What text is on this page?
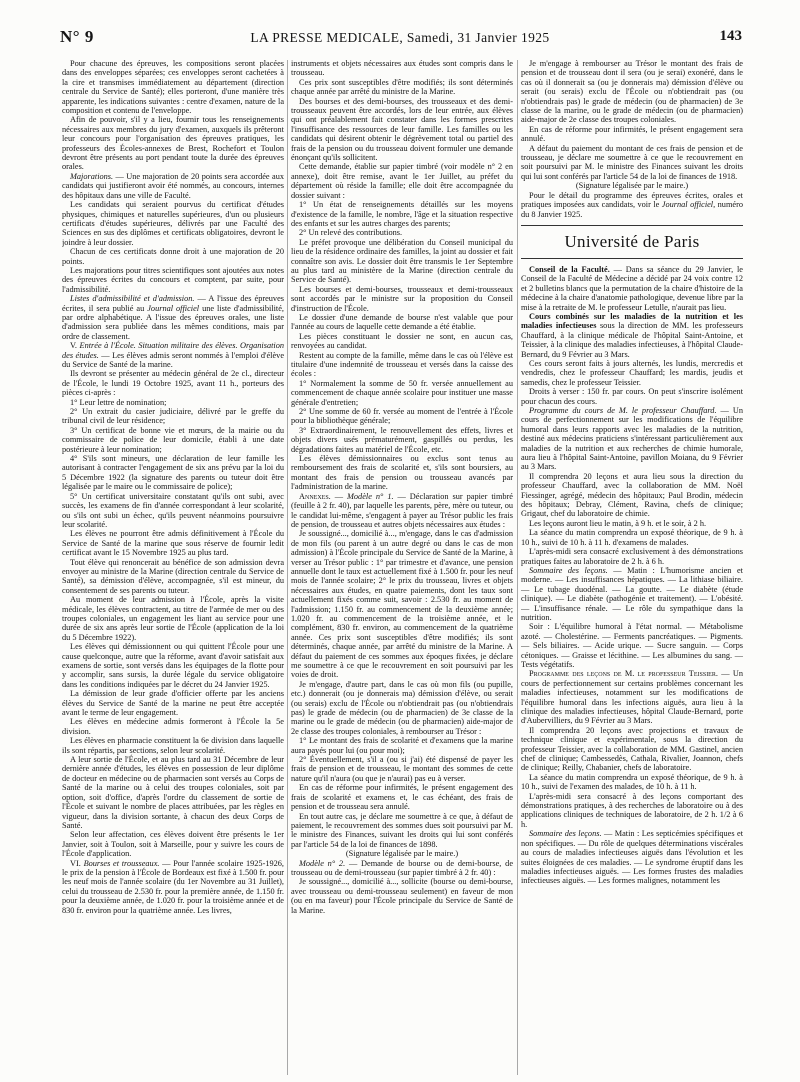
N° 9	LA PRESSE MEDICALE, Samedi, 31 Janvier 1925	143

Pour chacune des épreuves, les compositions seront placées dans des enveloppes séparées; ces enveloppes seront cachetées à la cire et transmises immédiatement au département (direction centrale du Service de Santé); elles porteront, d'une manière très apparente, les indications suivantes : centre d'examen, nature de la composition et contenu de l'enveloppe.

Afin de pouvoir, s'il y a lieu, fournir tous les renseignements nécessaires aux membres du jury d'examen, auxquels ils prêteront leur concours pour l'organisation des épreuves pratiques, les professeurs des Écoles-annexes de Brest, Rochefort et Toulon devront être présents au port pendant toute la durée des épreuves orales.

Majorations. — Une majoration de 20 points sera accordée aux candidats qui justifieront avoir été nommés, au concours, internes des hôpitaux dans une ville de Faculté.

Les candidats qui seraient pourvus du certificat d'études physiques, chimiques et naturelles supérieures, d'un ou plusieurs certificats d'études supérieures, délivrés par une Faculté des Sciences en sus des diplômes et certificats obligatoires, devront le joindre à leur dossier.

Chacun de ces certificats donne droit à une majoration de 20 points.

Les majorations pour titres scientifiques sont ajoutées aux notes des épreuves écrites du concours et comptent, par suite, pour l'admissibilité.

Listes d'admissibilité et d'admission. — A l'issue des épreuves écrites, il sera publié au Journal officiel une liste d'admissibilité, par ordre alphabétique. A l'issue des épreuves orales, une liste d'admission sera publiée dans les mêmes conditions, mais par ordre de classement.

V. Entrée à l'École. Situation militaire des élèves. Organisation des études. — Les élèves admis seront nommés à l'emploi d'élève du Service de Santé de la marine.

Ils devront se présenter au médecin général de 2e cl., directeur de l'École, le lundi 19 Octobre 1925, avant 11 h., porteurs des pièces ci-après :

1° Leur lettre de nomination;

2° Un extrait du casier judiciaire, délivré par le greffe du tribunal civil de leur résidence;

3° Un certificat de bonne vie et mœurs, de la mairie ou du commissaire de police de leur domicile, établi à une date postérieure à leur nomination;

4° S'ils sont mineurs, une déclaration de leur famille les autorisant à contracter l'engagement de six ans prévu par la loi du 5 Décembre 1922 (la signature des parents ou tuteur doit être légalisée par le maire ou le commissaire de police);

5° Un certificat universitaire constatant qu'ils ont subi, avec succès, les examens de fin d'année correspondant à leur scolarité, ou s'ils ont subi un échec, qu'ils peuvent néanmoins poursuivre leur scolarité.

Les élèves ne pourront être admis définitivement à l'École du Service de Santé de la marine que sous réserve de fournir ledit certificat avant le 15 Novembre 1925 au plus tard.

Tout élève qui renoncerait au bénéfice de son admission devra envoyer au ministre de la Marine (direction centrale du Service de Santé), sa démission d'élève, accompagnée, s'il est mineur, du consentement de ses parents ou tuteur.

Au moment de leur admission à l'École, après la visite médicale, les élèves contractent, au titre de l'armée de mer ou des troupes coloniales, un engagement les liant au service pour une durée de six ans après leur sortie de l'École (application de la loi du 5 Décembre 1922).

Les élèves qui démissionnent ou qui quittent l'École pour une cause quelconque, autre que la réforme, avant d'avoir satisfait aux examens de sortie, sont versés dans les équipages de la flotte pour y accomplir, sans sursis, la durée légale du service obligatoire dans les conditions indiquées par le décret du 24 Janvier 1925.

La démission de leur grade d'officier offerte par les anciens élèves du Service de Santé de la marine ne peut être acceptée avant le terme de leur engagement.

Les élèves en médecine admis formeront à l'École la 5e division.

Les élèves en pharmacie constituent la 6e division dans laquelle ils sont répartis, par sections, selon leur scolarité.

A leur sortie de l'École, et au plus tard au 31 Décembre de leur dernière année d'études, les élèves en possession de leur diplôme de docteur en médecine ou de pharmacien sont versés au Corps de Santé de la marine ou à celui des troupes coloniales, soit par option, soit d'office, d'après l'ordre du classement de sortie de l'École et suivant le nombre de places attribuées, par les règles en vigueur, dans la division sortante, à chacun des deux Corps de Santé.

Selon leur affectation, ces élèves doivent être présents le 1er Janvier, soit à Toulon, soit à Marseille, pour y suivre les cours de l'École d'application.

VI. Bourses et trousseaux. — Pour l'année scolaire 1925-1926, le prix de la pension à l'École de Bordeaux est fixé à 1.500 fr. pour les neuf mois de l'année scolaire (du 1er Novembre au 31 Juillet), celui du trousseau de 2.530 fr. pour la première année, de 1.150 fr. pour la deuxième année, de 1.020 fr. pour la troisième année et de 830 fr. environ pour la quatrième année. Les livres,

instruments et objets nécessaires aux études sont compris dans le trousseau.

Ces prix sont susceptibles d'être modifiés; ils sont déterminés chaque année par arrêté du ministre de la Marine.

Des bourses et des demi-bourses, des trousseaux et des demi-trousseaux peuvent être accordés, lors de leur entrée, aux élèves qui ont préalablement fait constater dans les formes prescrites l'insuffisance des ressources de leur famille. Les familles ou les candidats qui désirent obtenir le dégrèvement total ou partiel des frais de la pension ou du trousseau doivent formuler une demande énonçant qu'ils sollicitent.

Cette demande, établie sur papier timbré (voir modèle n° 2 en annexe), doit être remise, avant le 1er Juillet, au préfet du département où réside la famille; elle doit être accompagnée du dossier suivant :

1° Un état de renseignements détaillés sur les moyens d'existence de la famille, le nombre, l'âge et la situation respective des enfants et sur les autres charges des parents;

2° Un relevé des contributions.

Le préfet provoque une délibération du Conseil municipal du lieu de la résidence ordinaire des familles, la joint au dossier et fait connaître son avis. Le dossier doit être transmis le 1er Septembre au plus tard au ministère de la Marine (direction centrale du Service de Santé).

Les bourses et demi-bourses, trousseaux et demi-trousseaux sont accordés par le ministre sur la proposition du Conseil d'instruction de l'École.

Le dossier d'une demande de bourse n'est valable que pour l'année au cours de laquelle cette demande a été établie.

Les pièces constituant le dossier ne sont, en aucun cas, renvoyées au candidat.

Restent au compte de la famille, même dans le cas où l'élève est titulaire d'une indemnité de trousseau et versés dans la caisse des écoles :

1° Normalement la somme de 50 fr. versée annuellement au commencement de chaque année scolaire pour instituer une masse générale d'entretien;

2° Une somme de 60 fr. versée au moment de l'entrée à l'École pour la bibliothèque générale;

3° Extraordinairement, le renouvellement des effets, livres et objets divers usés prématurément, gaspillés ou perdus, les dégradations faites au matériel de l'École, etc.

Les élèves démissionnaires ou exclus sont tenus au remboursement des frais de scolarité et, s'ils sont boursiers, au montant des frais de pension ou trousseau avancés par l'administration de la marine.

Annexes. — Modèle n° 1. — Déclaration sur papier timbré (feuille à 2 fr. 40), par laquelle les parents, père, mère ou tuteur, ou le candidat lui-même, s'engagent à payer au Trésor public les frais de pension, de trousseau et autres objets nécessaires aux études :

Je soussigné..., domicilié à..., m'engage, dans le cas d'admission de mon fils (ou parent à un autre degré ou dans le cas de mon admission) à l'École principale du Service de Santé de la Marine, à verser au Trésor public : 1° par trimestre et d'avance, une pension annuelle dont le taux est actuellement fixé à 1.500 fr. pour les neuf mois de l'année scolaire; 2° le prix du trousseau, livres et objets nécessaires aux études, en quatre paiements, dont les taux sont actuellement fixés comme suit, savoir : 2.530 fr. au moment de l'admission; 1.150 fr. au commencement de la deuxième année; 1.020 fr. au commencement de la troisième année, et le complément, 830 fr. environ, au commencement de la quatrième année. Ces prix sont susceptibles d'être modifiés; ils sont déterminés, chaque année, par arrêté du ministre de la Marine. A défaut du paiement de ces sommes aux époques fixées, je déclare me soumettre à ce que le recouvrement en soit poursuivi par les voies de droit.

Je m'engage, d'autre part, dans le cas où mon fils (ou pupille, etc.) donnerait (ou je donnerais ma) démission d'élève, ou serait (ou serais) exclu de l'École ou n'obtiendrait pas (ou n'obtiendrais pas) le grade de médecin (ou de pharmacien) de 3e classe de la marine ou le grade de médecin (ou de pharmacien) aide-major de 2e classe des troupes coloniales, à rembourser au Trésor :

1° Le montant des frais de scolarité et d'examens que la marine aura payés pour lui (ou pour moi);

2° Éventuellement, s'il a (ou si j'ai) été dispensé de payer les frais de pension et de trousseau, le montant des sommes de cette nature qu'il n'aura (ou que je n'aurai) pas eu à verser.

En cas de réforme pour infirmités, le présent engagement des frais de scolarité et examens et, le cas échéant, des frais de pension et de trousseau sera annulé.

En tout autre cas, je déclare me soumettre à ce que, à défaut de paiement, le recouvrement des sommes dues soit poursuivi par M. le ministre des Finances, suivant les droits qui lui sont conférés par l'article 54 de la loi de finances de 1898.

(Signature légalisée par le maire.)

Modèle n° 2. — Demande de bourse ou de demi-bourse, de trousseau ou de demi-trousseau (sur papier timbré à 2 fr. 40) :

Je soussigné..., domicilié à..., sollicite (bourse ou demi-bourse, avec trousseau ou demi-trousseau seulement) en faveur de mon (ou en ma faveur) pour l'École principale du Service de Santé de la Marine.

Je m'engage à rembourser au Trésor le montant des frais de pension et de trousseau dont il sera (ou je serai) exonéré, dans le cas où il donnerait sa (ou je donnerais ma) démission d'élève ou serait (ou serais) exclu de l'École ou n'obtiendrait pas (ou n'obtiendrais pas) le grade de médecin (ou de pharmacien) de 3e classe de la marine, ou le grade de médecin (ou de pharmacien) aide-major de 2e classe des troupes coloniales.

En cas de réforme pour infirmités, le présent engagement sera annulé.

A défaut du paiement du montant de ces frais de pension et de trousseau, je déclare me soumettre à ce que le recouvrement en soit poursuivi par M. le ministre des Finances suivant les droits qui lui sont conférés par l'article 54 de la loi de finances de 1918.

(Signature légalisée par le maire.)

Pour le détail du programme des épreuves écrites, orales et pratiques imposées aux candidats, voir le Journal officiel, numéro du 8 Janvier 1925.

Université de Paris

Conseil de la Faculté. — Dans sa séance du 29 Janvier, le Conseil de la Faculté de Médecine a décidé par 24 voix contre 12 et 2 bulletins blancs que la permutation de la chaire d'histoire de la médecine à la chaire d'anatomie pathologique, devenue libre par la mise à la retraite de M. le professeur Letulle, n'aurait pas lieu.

Cours combinés sur les maladies de la nutrition et les maladies infectieuses sous la direction de MM. les professeurs Chauffard, à la clinique médicale de l'hôpital Saint-Antoine, et Teissier, à la clinique des maladies infectieuses, à l'hôpital Claude-Bernard, du 9 Février au 3 Mars.

Ces cours seront faits à jours alternés, les lundis, mercredis et vendredis, chez le professeur Chauffard; les mardis, jeudis et samedis, chez le professeur Teissier.

Droits à verser : 150 fr. par cours. On peut s'inscrire isolément pour chacun des cours.

Programme du cours de M. le professeur Chauffard. — Un cours de perfectionnement sur les modifications de l'équilibre humoral dans leurs rapports avec les maladies de la nutrition, destiné aux médecins praticiens s'intéressant particulièrement aux maladies de la nutrition et aux recherches de chimie humorale, aura lieu à l'hôpital Saint-Antoine, pavillon Moiana, du 9 Février au 3 Mars.

Il comprendra 20 leçons et aura lieu sous la direction du professeur Chauffard, avec la collaboration de MM. Noël Fiessinger, agrégé, médecin des hôpitaux; Paul Brodin, médecin des hôpitaux; Debray, Clément, Ravina, chefs de clinique; Grigaut, chef du laboratoire de chimie.

Les leçons auront lieu le matin, à 9 h. et le soir, à 2 h.

La séance du matin comprendra un exposé théorique, de 9 h. à 10 h., suivi de 10 h. à 11 h. d'examens de malades.

L'après-midi sera consacré exclusivement à des démonstrations pratiques faites au laboratoire de 2 h. à 6 h.

Sommaire des leçons. — Matin : L'humorisme ancien et moderne. — Les insuffisances hépatiques. — La lithiase biliaire. — Le tubage duodénal. — La goutte. — Le diabète (étude clinique). — Le diabète (pathogénie et traitement). — L'obésité. — L'insuffisance rénale. — Le rôle du sympathique dans la nutrition.

Soir : L'équilibre humoral à l'état normal. — Métabolisme azoté. — Cholestérine. — Ferments pancréatiques. — Pigments. — Sels biliaires. — Acide urique. — Sucre sanguin. — Corps cétoniques. — Graisse et lécithine. — Les albumines du sang. — Tests végétatifs.

Programme des leçons de M. le professeur Teissier. — Un cours de perfectionnement sur certains problèmes concernant les maladies infectieuses, notamment sur les modifications de l'équilibre humoral dans les infections aiguës, aura lieu à la clinique des maladies infectieuses, hôpital Claude-Bernard, porte d'Aubervilliers, du 9 Février au 3 Mars.

Il comprendra 20 leçons avec projections et travaux de technique clinique et expérimentale, sous la direction du professeur Teissier, avec la collaboration de MM. Gastinel, ancien chef de clinique; Cambessedès, Cathala, Rivalier, Joannon, chefs de clinique; Reilly, Chabanier, chefs de laboratoire.

La séance du matin comprendra un exposé théorique, de 9 h. à 10 h., suivi de l'examen des malades, de 10 h. à 11 h.

L'après-midi sera consacré à des leçons comportant des démonstrations pratiques, à des recherches de laboratoire ou à des applications cliniques de techniques de laboratoire, de 2 h. 1/2 à 6 h.

Sommaire des leçons. — Matin : Les septicémies spécifiques et non spécifiques. — Du rôle de quelques déterminations viscérales au cours de maladies infectieuses aiguës dans l'évolution et les suites éloignées de ces maladies. — Le syndrome éruptif dans les maladies infectieuses aiguës. — Les formes frustes des maladies infectieuses aiguës. — Les formes malignes, notamment les
